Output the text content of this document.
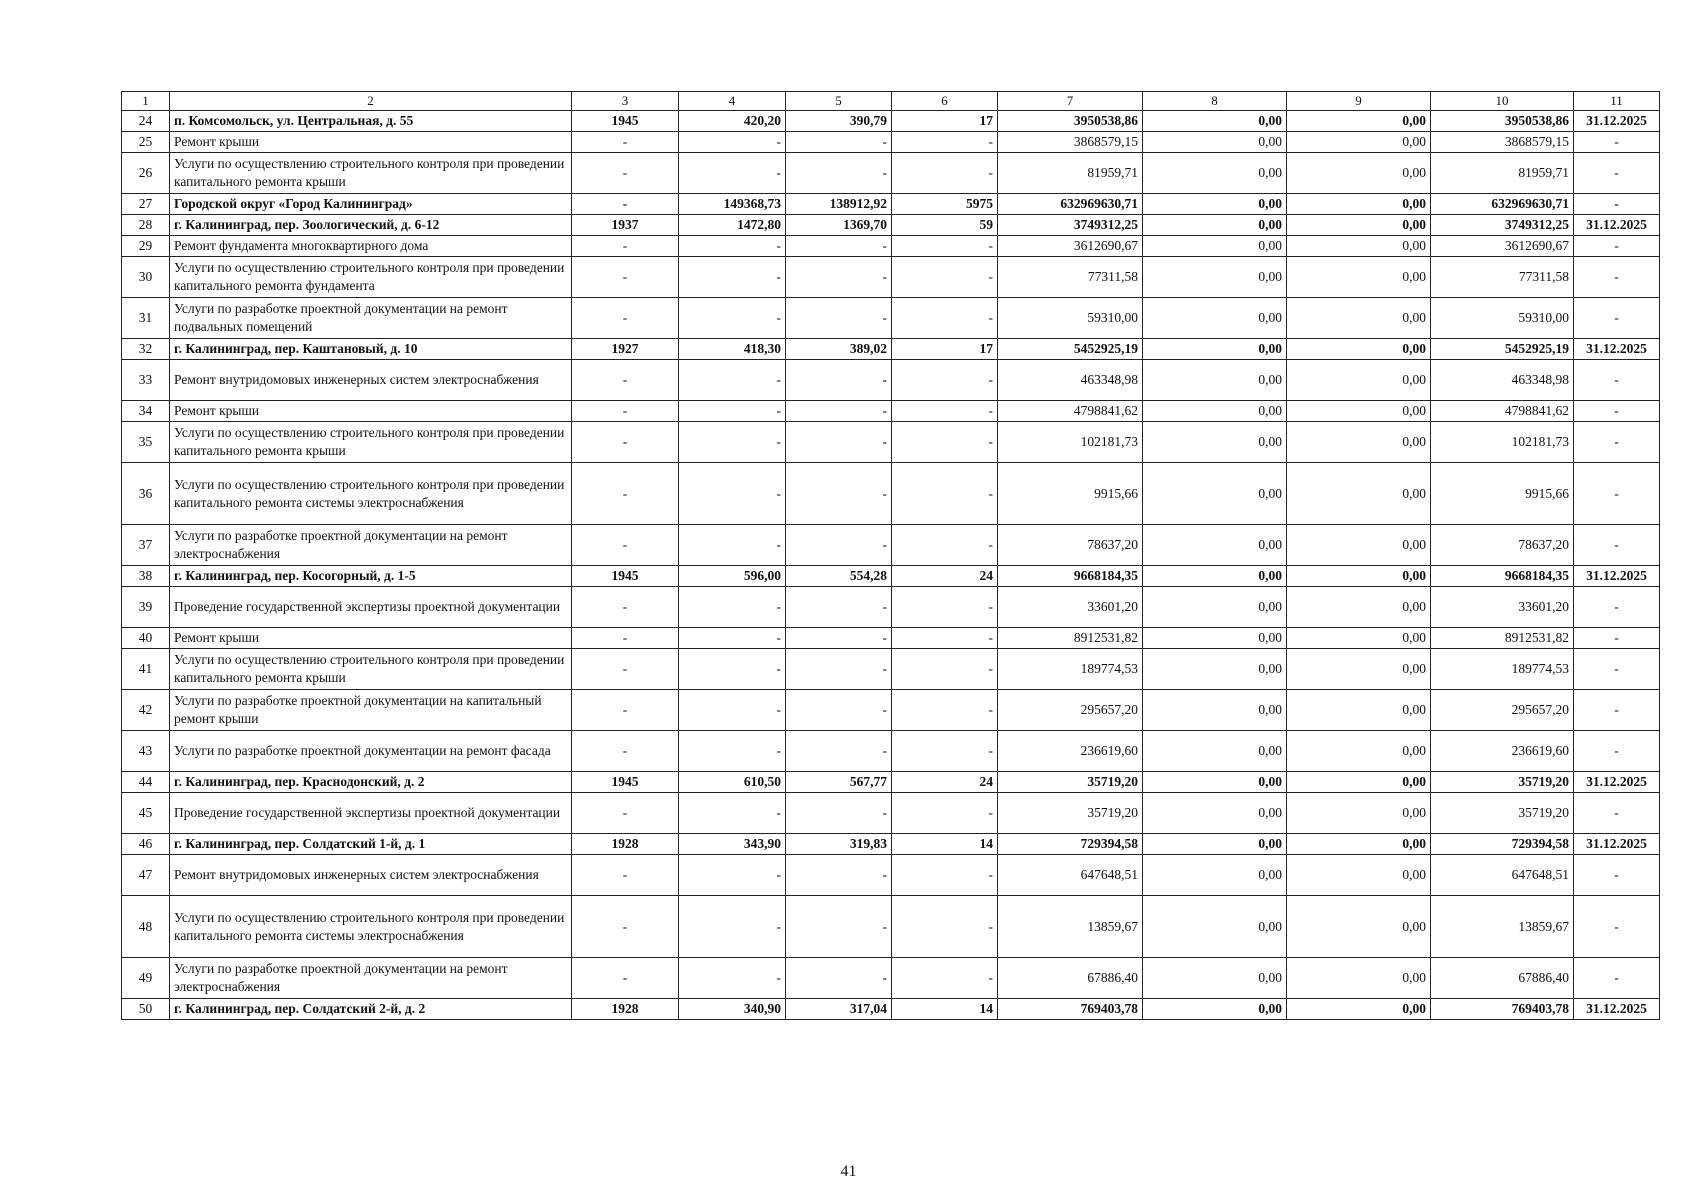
1	2	3	4	5	6	7	8	9	10	11
24	п. Комсомольск, ул. Центральная, д. 55	1945	420,20	390,79	17	3950538,86	0,00	0,00	3950538,86	31.12.2025
25	Ремонт крыши	-	-	-	-	3868579,15	0,00	0,00	3868579,15	-
26	Услуги по осуществлению строительного контроля при проведении капитального ремонта крыши	-	-	-	-	81959,71	0,00	0,00	81959,71	-
27	Городской округ «Город Калининград»	-	149368,73	138912,92	5975	632969630,71	0,00	0,00	632969630,71	-
28	г. Калининград, пер. Зоологический, д. 6-12	1937	1472,80	1369,70	59	3749312,25	0,00	0,00	3749312,25	31.12.2025
29	Ремонт фундамента многоквартирного дома	-	-	-	-	3612690,67	0,00	0,00	3612690,67	-
30	Услуги по осуществлению строительного контроля при проведении капитального ремонта фундамента	-	-	-	-	77311,58	0,00	0,00	77311,58	-
31	Услуги по разработке проектной документации на ремонт подвальных помещений	-	-	-	-	59310,00	0,00	0,00	59310,00	-
32	г. Калининград, пер. Каштановый, д. 10	1927	418,30	389,02	17	5452925,19	0,00	0,00	5452925,19	31.12.2025
33	Ремонт внутридомовых инженерных систем электроснабжения	-	-	-	-	463348,98	0,00	0,00	463348,98	-
34	Ремонт крыши	-	-	-	-	4798841,62	0,00	0,00	4798841,62	-
35	Услуги по осуществлению строительного контроля при проведении капитального ремонта крыши	-	-	-	-	102181,73	0,00	0,00	102181,73	-
36	Услуги по осуществлению строительного контроля при проведении капитального ремонта системы электроснабжения	-	-	-	-	9915,66	0,00	0,00	9915,66	-
37	Услуги по разработке проектной документации на ремонт электроснабжения	-	-	-	-	78637,20	0,00	0,00	78637,20	-
38	г. Калининград, пер. Косогорный, д. 1-5	1945	596,00	554,28	24	9668184,35	0,00	0,00	9668184,35	31.12.2025
39	Проведение государственной экспертизы проектной документации	-	-	-	-	33601,20	0,00	0,00	33601,20	-
40	Ремонт крыши	-	-	-	-	8912531,82	0,00	0,00	8912531,82	-
41	Услуги по осуществлению строительного контроля при проведении капитального ремонта крыши	-	-	-	-	189774,53	0,00	0,00	189774,53	-
42	Услуги по разработке проектной документации на капитальный ремонт крыши	-	-	-	-	295657,20	0,00	0,00	295657,20	-
43	Услуги по разработке проектной документации на ремонт фасада	-	-	-	-	236619,60	0,00	0,00	236619,60	-
44	г. Калининград, пер. Краснодонский, д. 2	1945	610,50	567,77	24	35719,20	0,00	0,00	35719,20	31.12.2025
45	Проведение государственной экспертизы проектной документации	-	-	-	-	35719,20	0,00	0,00	35719,20	-
46	г. Калининград, пер. Солдатский 1-й, д. 1	1928	343,90	319,83	14	729394,58	0,00	0,00	729394,58	31.12.2025
47	Ремонт внутридомовых инженерных систем электроснабжения	-	-	-	-	647648,51	0,00	0,00	647648,51	-
48	Услуги по осуществлению строительного контроля при проведении капитального ремонта системы электроснабжения	-	-	-	-	13859,67	0,00	0,00	13859,67	-
49	Услуги по разработке проектной документации на ремонт электроснабжения	-	-	-	-	67886,40	0,00	0,00	67886,40	-
50	г. Калининград, пер. Солдатский 2-й, д. 2	1928	340,90	317,04	14	769403,78	0,00	0,00	769403,78	31.12.2025
41
